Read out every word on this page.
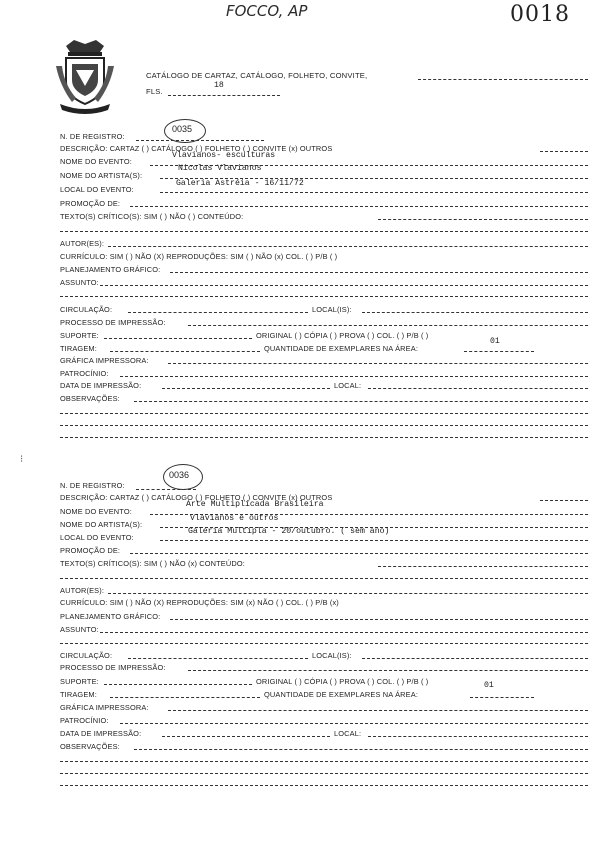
FOCCO, AP	0018
CATÁLOGO DE CARTAZ, CATÁLOGO, FOLHETO, CONVITE,
FLS.
18
N. DE REGISTRO:
0035
DESCRIÇÃO: CARTAZ ( ) CATÁLOGO ( ) FOLHETO ( ) CONVITE (x) OUTROS
NOME DO EVENTO:
Vlavianos- esculturas
NOME DO ARTISTA(S):
Nicolas Vlavianos
LOCAL DO EVENTO:
Galeria Astréia - 16/11/72
PROMOÇÃO DE:
TEXTO(S) CRÍTICO(S): SIM ( ) NÃO ( ) CONTEÚDO:
AUTOR(ES):
CURRÍCULO: SIM ( ) NÃO (X) REPRODUÇÕES: SIM ( ) NÃO (x) COL. ( ) P/B ( )
PLANEJAMENTO GRÁFICO:
ASSUNTO:
CIRCULAÇÃO:	LOCAL(IS):
PROCESSO DE IMPRESSÃO:
SUPORTE:	ORIGINAL ( ) CÓPIA ( ) PROVA ( ) COL. ( ) P/B ( )
TIRAGEM:	QUANTIDADE DE EXEMPLARES NA ÁREA:
01
GRÁFICA IMPRESSORA:
PATROCÍNIO:
DATA DE IMPRESSÃO:	LOCAL:
OBSERVAÇÕES:
⁝
N. DE REGISTRO:
0036
DESCRIÇÃO: CARTAZ ( ) CATÁLOGO ( ) FOLHETO ( ) CONVITE (x) OUTROS
NOME DO EVENTO:
Arte Multiplicada Brasileira
NOME DO ARTISTA(S):
Vlavianos e outros
LOCAL DO EVENTO:
Galeria Multipla - 20/outubro. ( sem ano)
PROMOÇÃO DE:
TEXTO(S) CRÍTICO(S): SIM ( ) NÃO (x) CONTEÚDO:
AUTOR(ES):
CURRÍCULO: SIM ( ) NÃO (X) REPRODUÇÕES: SIM (x) NÃO ( ) COL. ( ) P/B (x)
PLANEJAMENTO GRÁFICO:
ASSUNTO:
CIRCULAÇÃO:	LOCAL(IS):
PROCESSO DE IMPRESSÃO:
SUPORTE:	ORIGINAL ( ) CÓPIA ( ) PROVA ( ) COL. ( ) P/B ( )
TIRAGEM:	QUANTIDADE DE EXEMPLARES NA ÁREA:
01
GRÁFICA IMPRESSORA:
PATROCÍNIO:
DATA DE IMPRESSÃO:	LOCAL:
OBSERVAÇÕES:
